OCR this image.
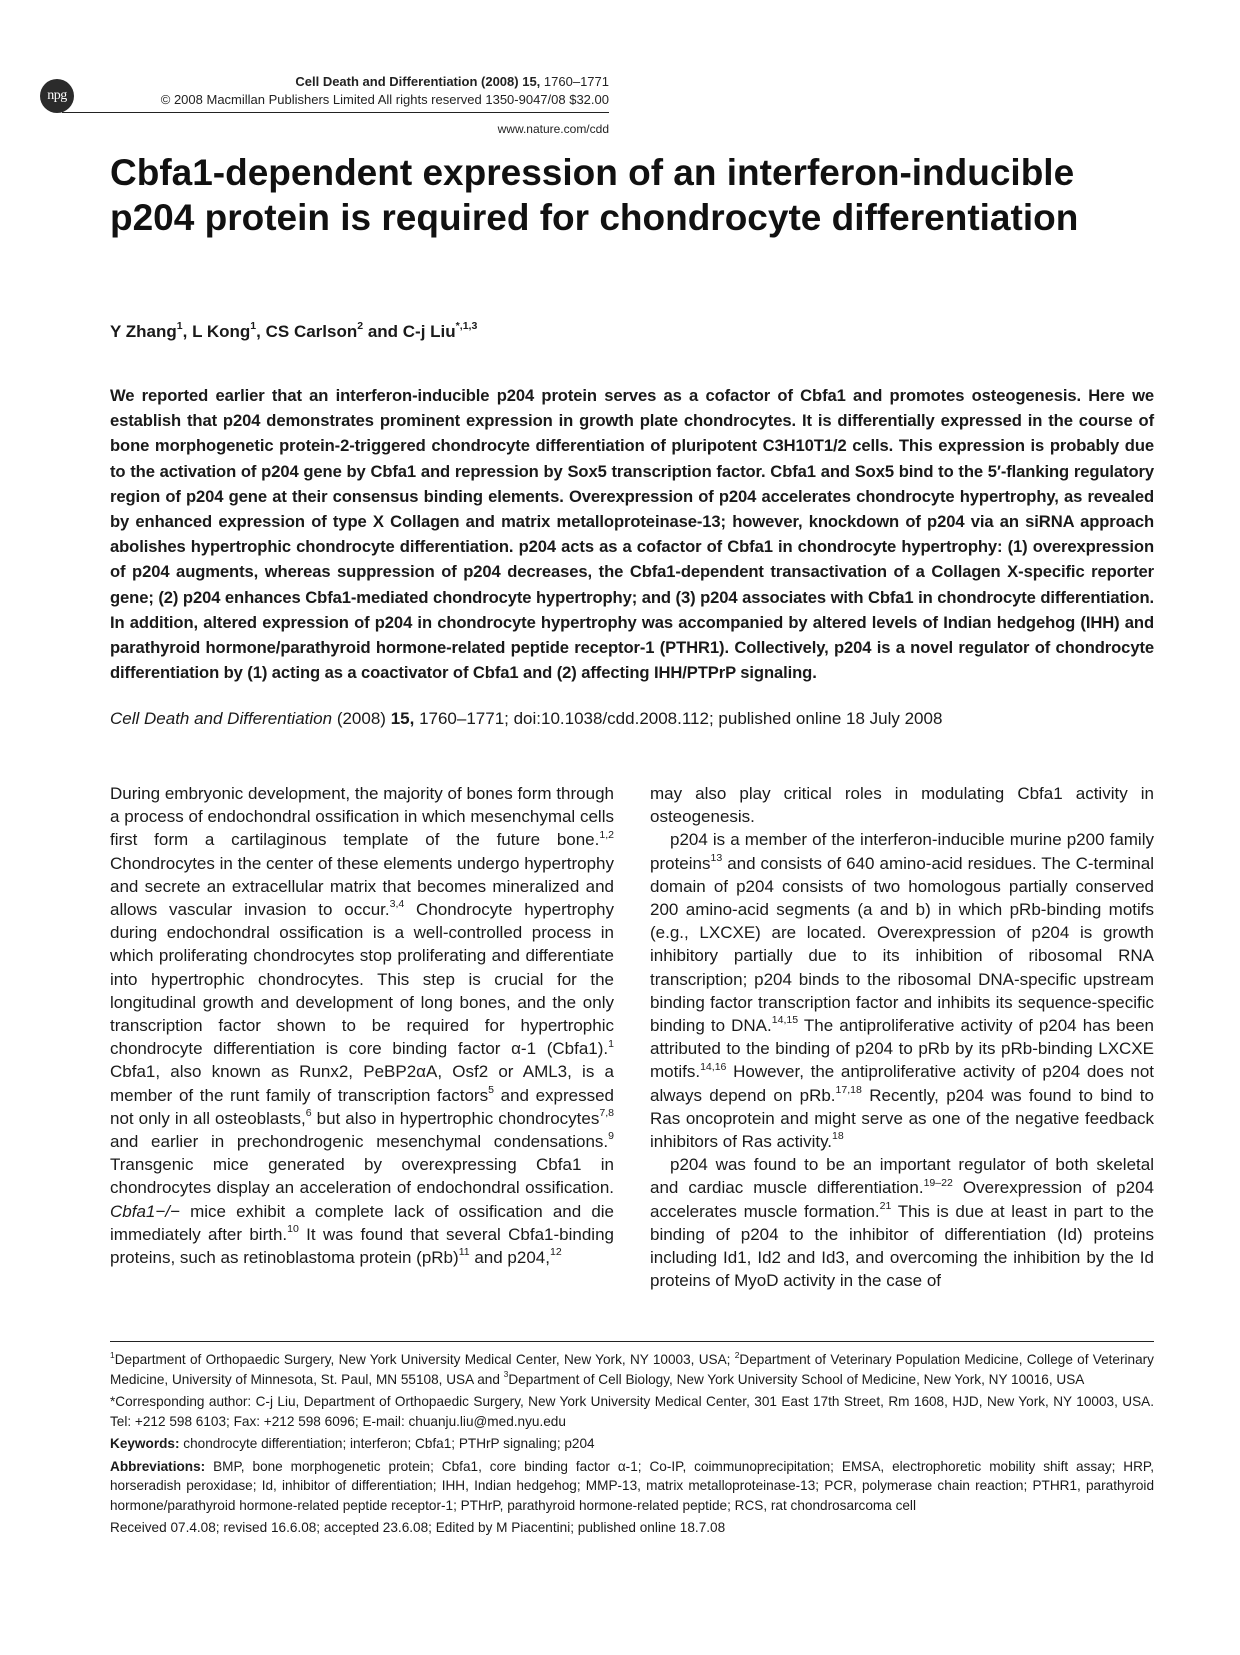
npg
Cell Death and Differentiation (2008) 15, 1760–1771
© 2008 Macmillan Publishers Limited All rights reserved 1350-9047/08 $32.00
www.nature.com/cdd
Cbfa1-dependent expression of an interferon-inducible p204 protein is required for chondrocyte differentiation
Y Zhang$^1$, L Kong$^1$, CS Carlson$^2$ and C-j Liu$^{*,1,3}$

We reported earlier that an interferon-inducible p204 protein serves as a cofactor of Cbfa1 and promotes osteogenesis. Here we establish that p204 demonstrates prominent expression in growth plate chondrocytes. It is differentially expressed in the course of bone morphogenetic protein-2-triggered chondrocyte differentiation of pluripotent C3H10T1/2 cells. This expression is probably due to the activation of p204 gene by Cbfa1 and repression by Sox5 transcription factor. Cbfa1 and Sox5 bind to the 5′-flanking regulatory region of p204 gene at their consensus binding elements. Overexpression of p204 accelerates chondrocyte hypertrophy, as revealed by enhanced expression of type X Collagen and matrix metalloproteinase-13; however, knockdown of p204 via an siRNA approach abolishes hypertrophic chondrocyte differentiation. p204 acts as a cofactor of Cbfa1 in chondrocyte hypertrophy: (1) overexpression of p204 augments, whereas suppression of p204 decreases, the Cbfa1-dependent transactivation of a Collagen X-specific reporter gene; (2) p204 enhances Cbfa1-mediated chondrocyte hypertrophy; and (3) p204 associates with Cbfa1 in chondrocyte differentiation. In addition, altered expression of p204 in chondrocyte hypertrophy was accompanied by altered levels of Indian hedgehog (IHH) and parathyroid hormone/parathyroid hormone-related peptide receptor-1 (PTHR1). Collectively, p204 is a novel regulator of chondrocyte differentiation by (1) acting as a coactivator of Cbfa1 and (2) affecting IHH/PTPrP signaling.

Cell Death and Differentiation (2008) 15, 1760–1771; doi:10.1038/cdd.2008.112; published online 18 July 2008

During embryonic development, the majority of bones form through a process of endochondral ossification in which mesenchymal cells first form a cartilaginous template of the future bone.$^{1,2}$ Chondrocytes in the center of these elements undergo hypertrophy and secrete an extracellular matrix that becomes mineralized and allows vascular invasion to occur.$^{3,4}$ Chondrocyte hypertrophy during endochondral ossification is a well-controlled process in which proliferating chondrocytes stop proliferating and differentiate into hypertrophic chondrocytes. This step is crucial for the longitudinal growth and development of long bones, and the only transcription factor shown to be required for hypertrophic chondrocyte differentiation is core binding factor α-1 (Cbfa1).$^1$ Cbfa1, also known as Runx2, PeBP2αA, Osf2 or AML3, is a member of the runt family of transcription factors$^5$ and expressed not only in all osteoblasts,$^6$ but also in hypertrophic chondrocytes$^{7,8}$ and earlier in prechondrogenic mesenchymal condensations.$^9$ Transgenic mice generated by overexpressing Cbfa1 in chondrocytes display an acceleration of endochondral ossification. Cbfa1−/− mice exhibit a complete lack of ossification and die immediately after birth.$^{10}$ It was found that several Cbfa1-binding proteins, such as retinoblastoma protein (pRb)$^{11}$ and p204,12

may also play critical roles in modulating Cbfa1 activity in osteogenesis.

p204 is a member of the interferon-inducible murine p200 family proteins$^{13}$ and consists of 640 amino-acid residues. The C-terminal domain of p204 consists of two homologous partially conserved 200 amino-acid segments (a and b) in which pRb-binding motifs (e.g., LXCXE) are located. Overexpression of p204 is growth inhibitory partially due to its inhibition of ribosomal RNA transcription; p204 binds to the ribosomal DNA-specific upstream binding factor transcription factor and inhibits its sequence-specific binding to DNA.$^{14,15}$ The antiproliferative activity of p204 has been attributed to the binding of p204 to pRb by its pRb-binding LXCXE motifs.$^{14,16}$ However, the antiproliferative activity of p204 does not always depend on pRb.$^{17,18}$ Recently, p204 was found to bind to Ras oncoprotein and might serve as one of the negative feedback inhibitors of Ras activity.$^{18}$

p204 was found to be an important regulator of both skeletal and cardiac muscle differentiation.$^{19-22}$ Overexpression of p204 accelerates muscle formation.$^{21}$ This is due at least in part to the binding of p204 to the inhibitor of differentiation (Id) proteins including Id1, Id2 and Id3, and overcoming the inhibition by the Id proteins of MyoD activity in the case of

$^1$Department of Orthopaedic Surgery, New York University Medical Center, New York, NY 10003, USA; $^2$Department of Veterinary Population Medicine, College of Veterinary Medicine, University of Minnesota, St. Paul, MN 55108, USA and $^3$Department of Cell Biology, New York University School of Medicine, New York, NY 10016, USA

*Corresponding author: C-j Liu, Department of Orthopaedic Surgery, New York University Medical Center, 301 East 17th Street, Rm 1608, HJD, New York, NY 10003, USA. Tel: +212 598 6103; Fax: +212 598 6096; E-mail: chuanju.liu@med.nyu.edu

Keywords: chondrocyte differentiation; interferon; Cbfa1; PTHrP signaling; p204

Abbreviations: BMP, bone morphogenetic protein; Cbfa1, core binding factor α-1; Co-IP, coimmunoprecipitation; EMSA, electrophoretic mobility shift assay; HRP, horseradish peroxidase; Id, inhibitor of differentiation; IHH, Indian hedgehog; MMP-13, matrix metalloproteinase-13; PCR, polymerase chain reaction; PTHR1, parathyroid hormone/parathyroid hormone-related peptide receptor-1; PTHrP, parathyroid hormone-related peptide; RCS, rat chondrosarcoma cell

Received 07.4.08; revised 16.6.08; accepted 23.6.08; Edited by M Piacentini; published online 18.7.08
